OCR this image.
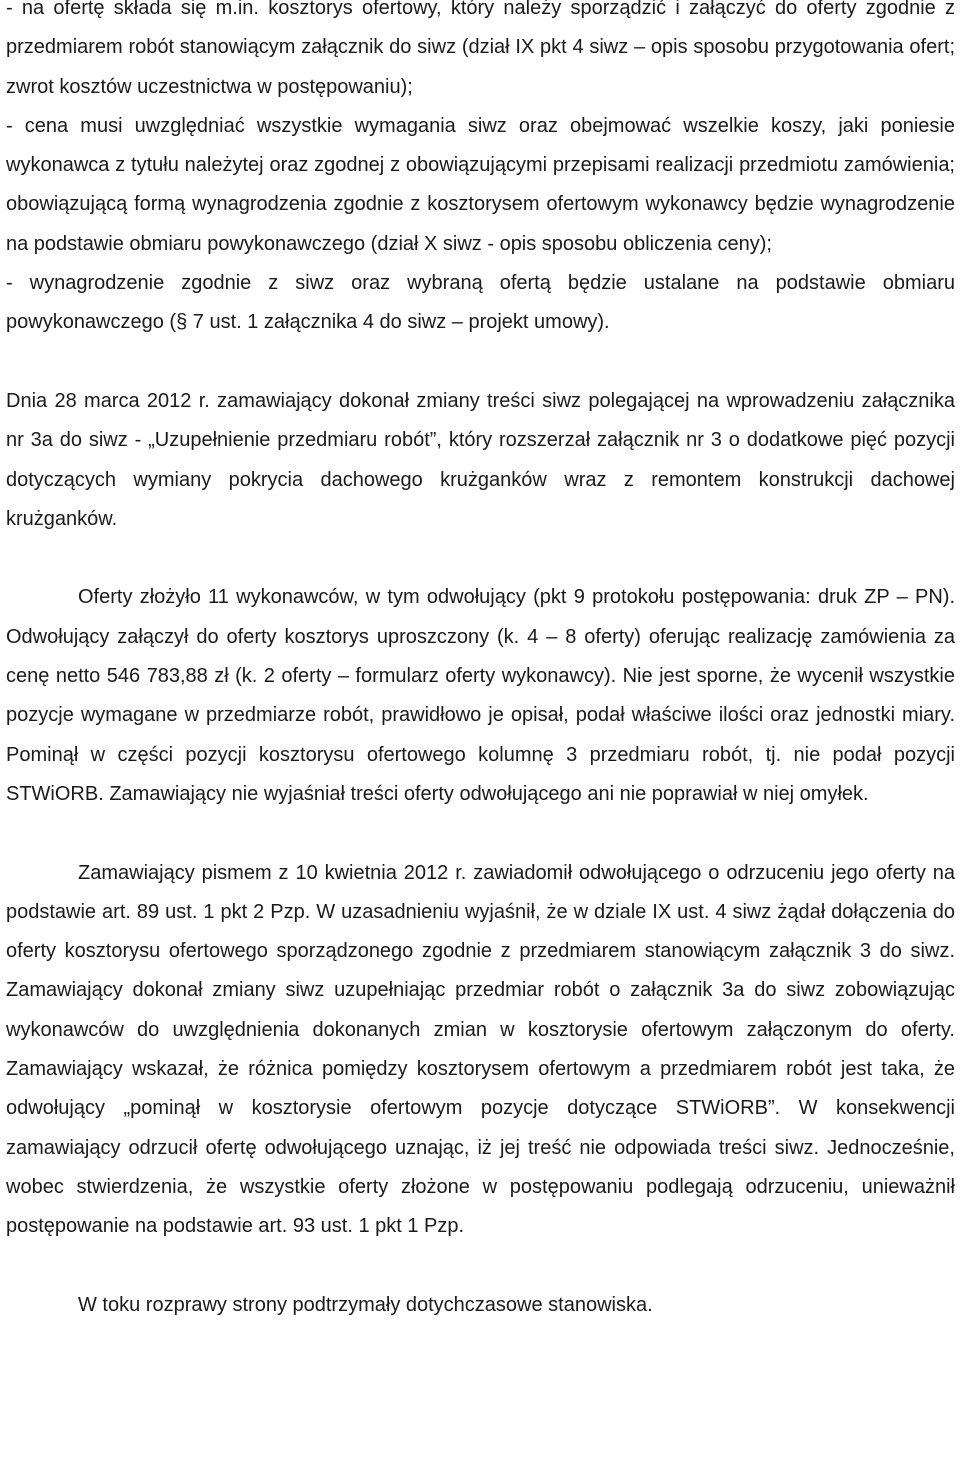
- na ofertę składa się m.in. kosztorys ofertowy, który należy sporządzić i załączyć do oferty zgodnie z przedmiarem robót stanowiącym załącznik do siwz (dział IX pkt 4 siwz – opis sposobu przygotowania ofert; zwrot kosztów uczestnictwa w postępowaniu);

- cena musi uwzględniać wszystkie wymagania siwz oraz obejmować wszelkie koszy, jaki poniesie wykonawca z tytułu należytej oraz zgodnej z obowiązującymi przepisami realizacji przedmiotu zamówienia; obowiązującą formą wynagrodzenia zgodnie z kosztorysem ofertowym wykonawcy będzie wynagrodzenie na podstawie obmiaru powykonawczego (dział X siwz - opis sposobu obliczenia ceny);

- wynagrodzenie zgodnie z siwz oraz wybraną ofertą będzie ustalane na podstawie obmiaru powykonawczego (§ 7 ust. 1 załącznika 4 do siwz – projekt umowy).

Dnia 28 marca 2012 r. zamawiający dokonał zmiany treści siwz polegającej na wprowadzeniu załącznika nr 3a do siwz - „Uzupełnienie przedmiaru robót”, który rozszerzał załącznik nr 3 o dodatkowe pięć pozycji dotyczących wymiany pokrycia dachowego krużganków wraz z remontem konstrukcji dachowej krużganków.

Oferty złożyło 11 wykonawców, w tym odwołujący (pkt 9 protokołu postępowania: druk ZP – PN). Odwołujący załączył do oferty kosztorys uproszczony (k. 4 – 8 oferty) oferując realizację zamówienia za cenę netto 546 783,88 zł (k. 2 oferty – formularz oferty wykonawcy). Nie jest sporne, że wycenił wszystkie pozycje wymagane w przedmiarze robót, prawidłowo je opisał, podał właściwe ilości oraz jednostki miary. Pominął w części pozycji kosztorysu ofertowego kolumnę 3 przedmiaru robót, tj. nie podał pozycji STWiORB. Zamawiający nie wyjaśniał treści oferty odwołującego ani nie poprawiał w niej omyłek.

Zamawiający pismem z 10 kwietnia 2012 r. zawiadomił odwołującego o odrzuceniu jego oferty na podstawie art. 89 ust. 1 pkt 2 Pzp. W uzasadnieniu wyjaśnił, że w dziale IX ust. 4 siwz żądał dołączenia do oferty kosztorysu ofertowego sporządzonego zgodnie z przedmiarem stanowiącym załącznik 3 do siwz. Zamawiający dokonał zmiany siwz uzupełniając przedmiar robót o załącznik 3a do siwz zobowiązując wykonawców do uwzględnienia dokonanych zmian w kosztorysie ofertowym załączonym do oferty. Zamawiający wskazał, że różnica pomiędzy kosztorysem ofertowym a przedmiarem robót jest taka, że odwołujący „pominął w kosztorysie ofertowym pozycje dotyczące STWiORB”. W konsekwencji zamawiający odrzucił ofertę odwołującego uznając, iż jej treść nie odpowiada treści siwz. Jednocześnie, wobec stwierdzenia, że wszystkie oferty złożone w postępowaniu podlegają odrzuceniu, unieważnił postępowanie na podstawie art. 93 ust. 1 pkt 1 Pzp.

W toku rozprawy strony podtrzymały dotychczasowe stanowiska.
